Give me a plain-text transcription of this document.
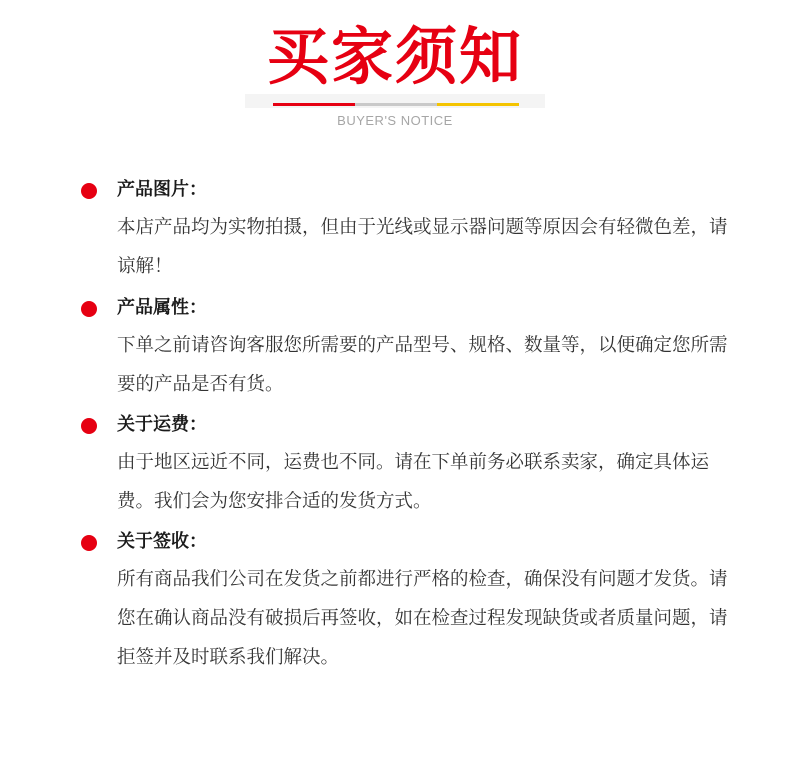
买家须知
BUYER'S NOTICE
产品图片：
本店产品均为实物拍摄，但由于光线或显示器问题等原因会有轻微色差，请谅解！
产品属性：
下单之前请咨询客服您所需要的产品型号、规格、数量等，以便确定您所需要的产品是否有货。
关于运费：
由于地区远近不同，运费也不同。请在下单前务必联系卖家，确定具体运费。我们会为您安排合适的发货方式。
关于签收：
所有商品我们公司在发货之前都进行严格的检查，确保没有问题才发货。请您在确认商品没有破损后再签收，如在检查过程发现缺货或者质量问题，请拒签并及时联系我们解决。
